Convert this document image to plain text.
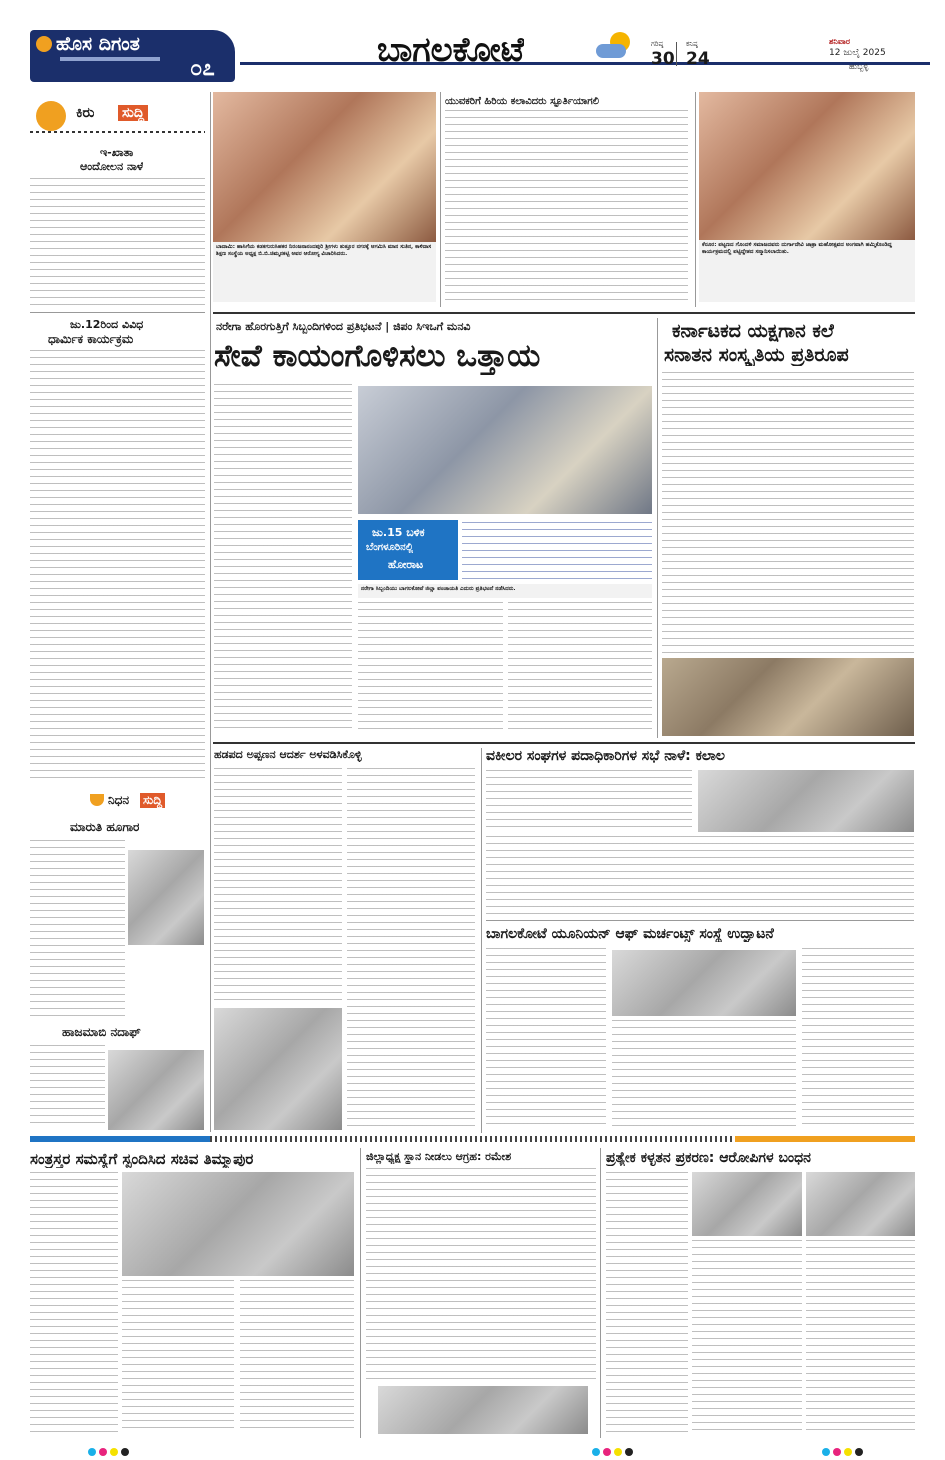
ಹೊಸ ದಿಗಂತ
೦೭	ಬಾಗಲಕೋಟೆ	ಗರಿಷ್ಠ
30
ಕನಿಷ್ಠ
24
ಶನಿವಾರ
12 ಜುಲೈ 2025
ಹುಬ್ಬಳ್ಳಿ
ಕಿರು ಸುದ್ದಿ
ಇ-ಖಾತಾ
ಆಂದೋಲನ ನಾಳೆ
ಜು.12ರಿಂದ ವಿವಿಧ
ಧಾರ್ಮಿಕ ಕಾರ್ಯಕ್ರಮ
ನಿಧನ ಸುದ್ದಿ
ಮಾರುತಿ ಹೂಗಾರ
ಹಾಜಮಾಬಿ ನದಾಫ್
ಬಾದಾಮಿ: ಹಾಸಿಗೆಯ ಕಡಕಗುರುಸಿಹಕರ ನಿರಂಜನಾನಂದಪುರಿ ಶ್ರೀಗಳು ತುತ್ತೂರ ನಗರಕ್ಕೆ ಆಗಮಿಸಿ ಮಾನ ಸುತಿನ, ಕಾಳಿದಾಸ ಶಿಕ್ಷಣ ಸಂಸ್ಥೆಯ ಅಧ್ಯಕ್ಷ ಬಿ.ಬಿ.ಚಿಮ್ಮನಕಟ್ಟಿ ಅವರ ಆರೋಗ್ಯ ವಿಚಾರಿಸಿದರು.
ಯುವಕರಿಗೆ ಹಿರಿಯ ಕಲಾವಿದರು ಸ್ಫೂರ್ತಿಯಾಗಲಿ
ಕೆರೂರ: ಪಟ್ಟಣದ ಗೊಂದಳಿ ಸಮಾಜದವರು ದುರ್ಗಾದೇವಿ ಜಾತ್ರಾ ಮಹೋತ್ಸವದ ಅಂಗವಾಗಿ ಹಮ್ಮಿಕೊಂಡಿದ್ದ ಕಾರ್ಯಕ್ರಮದಲ್ಲಿ ಪಟ್ಟಿದ್ದೇಶದ ಸನ್ಮಾನಿಸಲಾಯಿತು.
ನರೇಗಾ ಹೊರಗುತ್ತಿಗೆ ಸಿಬ್ಬಂದಿಗಳಿಂದ ಪ್ರತಿಭಟನೆ | ಜಿಪಂ ಸಿಇಒಗೆ ಮನವಿ
ಸೇವೆ ಕಾಯಂಗೊಳಿಸಲು ಒತ್ತಾಯ
ಜು.15 ಬಳಿಕ
ಬೆಂಗಳೂರಿನಲ್ಲಿ
ಹೋರಾಟ
ನರೇಗಾ ಸಿಬ್ಬಂದಿಯು ಬಾಗಲಕೋಟೆ ಜಿಲ್ಲಾ ಪಂಚಾಯತಿ ಎದುರು ಪ್ರತಿಭಟನೆ ನಡೆಸಿದರು.
ಕರ್ನಾಟಕದ ಯಕ್ಷಗಾನ ಕಲೆ
ಸನಾತನ ಸಂಸ್ಕೃತಿಯ ಪ್ರತಿರೂಪ
ಹಡಪದ ಅಪ್ಪಣನ ಆದರ್ಶ ಅಳವಡಿಸಿಕೊಳ್ಳಿ	ವಕೀಲರ ಸಂಘಗಳ ಪದಾಧಿಕಾರಿಗಳ ಸಭೆ ನಾಳೆ: ಕಲಾಲ
ಬಾಗಲಕೋಟೆ ಯೂನಿಯನ್ ಆಫ್ ಮರ್ಚಂಟ್ಸ್ ಸಂಸ್ಥೆ ಉದ್ಘಾಟನೆ
ಸಂತ್ರಸ್ತರ ಸಮಸ್ಯೆಗೆ ಸ್ಪಂದಿಸಿದ ಸಚಿವ ತಿಮ್ಮಾಪುರ	ಜಿಲ್ಲಾಧ್ಯಕ್ಷ ಸ್ಥಾನ ನೀಡಲು ಆಗ್ರಹ: ರಮೇಶ	ಪ್ರತ್ಯೇಕ ಕಳ್ಳತನ ಪ್ರಕರಣ: ಆರೋಪಿಗಳ ಬಂಧನ
